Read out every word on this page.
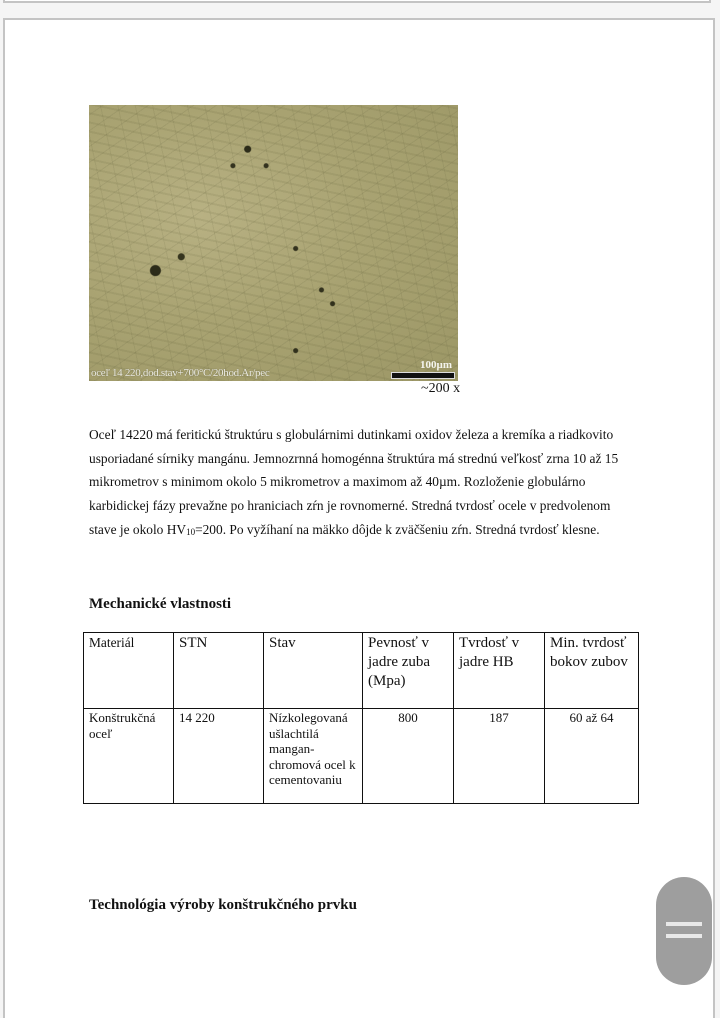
oceľ 14 220,dod.stav+700°C/20hod.Ar/pec
100µm
~200 x

Oceľ 14220 má feritickú štruktúru s globulárnimi dutinkami oxidov železa a kremíka a riadkovito usporiadané sírniky mangánu. Jemnozrnná homogénna štruktúra má strednú veľkosť zrna 10 až 15 mikrometrov s minimom okolo 5 mikrometrov a maximom až 40µm. Rozloženie globulárno karbidickej fázy prevažne po hraniciach zŕn je rovnomerné. Stredná tvrdosť ocele v predvolenom stave je okolo $HV_{10}=200$. Po vyžíhaní na mäkko dôjde k zväčšeniu zŕn. Stredná tvrdosť klesne.

Mechanické vlastnosti
Materiál	STN	Stav	Pevnosť v jadre zuba (Mpa)	Tvrdosť v jadre HB	Min. tvrdosť bokov zubov
Konštrukčná oceľ	14 220	Nízkolegovaná ušlachtilá mangan-chromová ocel k cementovaniu	800	187	60 až 64
Technológia výroby konštrukčného prvku
